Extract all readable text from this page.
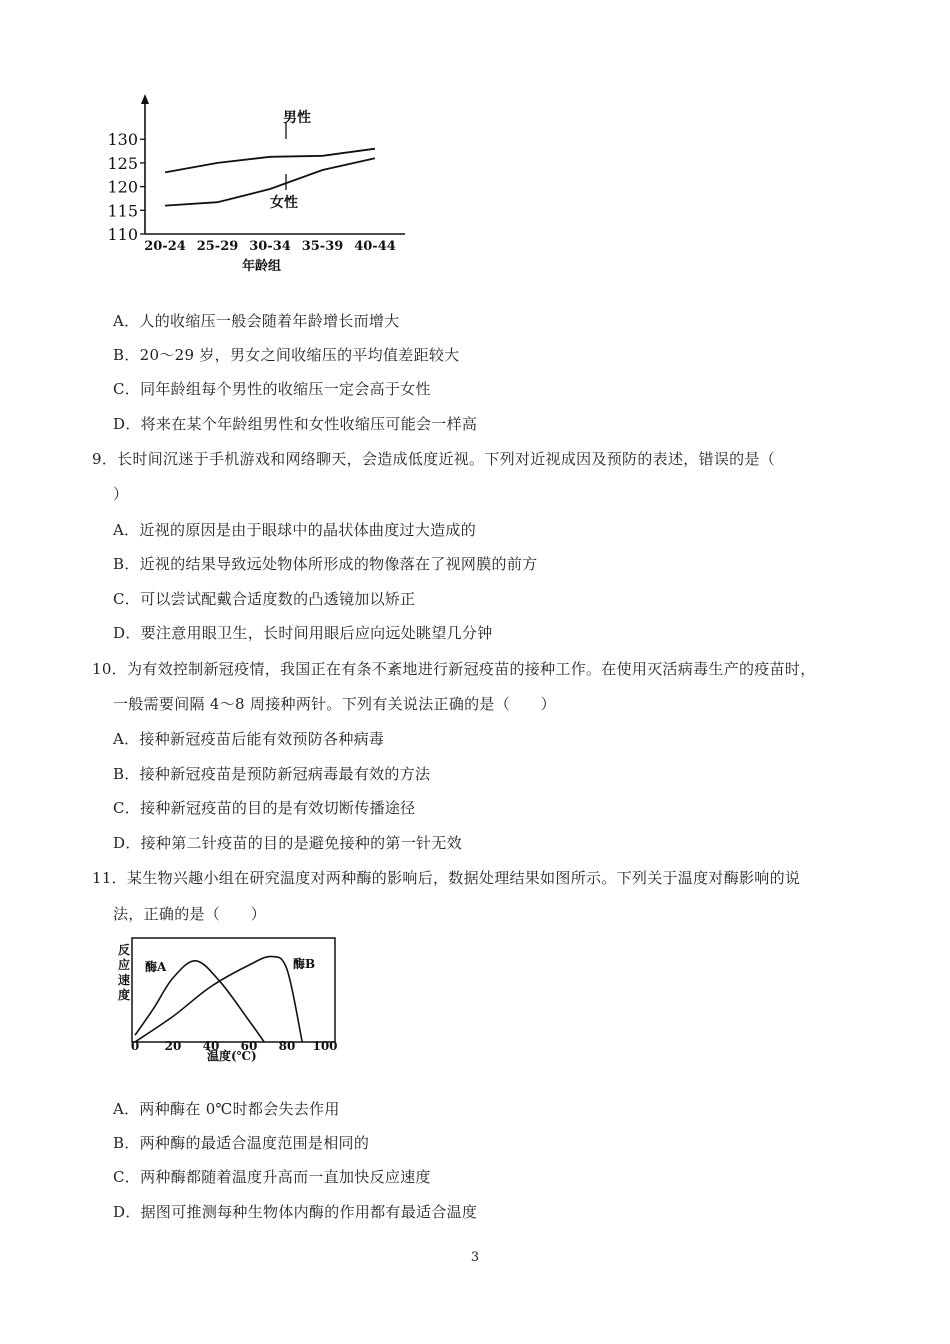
130
125
120
115
110
20-24 25-29 30-34 35-39 40-44
男性
女性
年龄组
A．人的收缩压一般会随着年龄增长而增大
B．20～29 岁，男女之间收缩压的平均值差距较大
C．同年龄组每个男性的收缩压一定会高于女性
D．将来在某个年龄组男性和女性收缩压可能会一样高
9．长时间沉迷于手机游戏和网络聊天，会造成低度近视。下列对近视成因及预防的表述，错误的是（
）
A．近视的原因是由于眼球中的晶状体曲度过大造成的
B．近视的结果导致远处物体所形成的物像落在了视网膜的前方
C．可以尝试配戴合适度数的凸透镜加以矫正
D．要注意用眼卫生，长时间用眼后应向远处眺望几分钟
10．为有效控制新冠疫情，我国正在有条不紊地进行新冠疫苗的接种工作。在使用灭活病毒生产的疫苗时，
一般需要间隔 4～8 周接种两针。下列有关说法正确的是（　　）
A．接种新冠疫苗后能有效预防各种病毒
B．接种新冠疫苗是预防新冠病毒最有效的方法
C．接种新冠疫苗的目的是有效切断传播途径
D．接种第二针疫苗的目的是避免接种的第一针无效
11．某生物兴趣小组在研究温度对两种酶的影响后，数据处理结果如图所示。下列关于温度对酶影响的说
法，正确的是（　　）
反
应
速
度
0 20 40 60 80 100
酶A	酶B
温度(℃)
A．两种酶在 0℃时都会失去作用
B．两种酶的最适合温度范围是相同的
C．两种酶都随着温度升高而一直加快反应速度
D．据图可推测每种生物体内酶的作用都有最适合温度
3
